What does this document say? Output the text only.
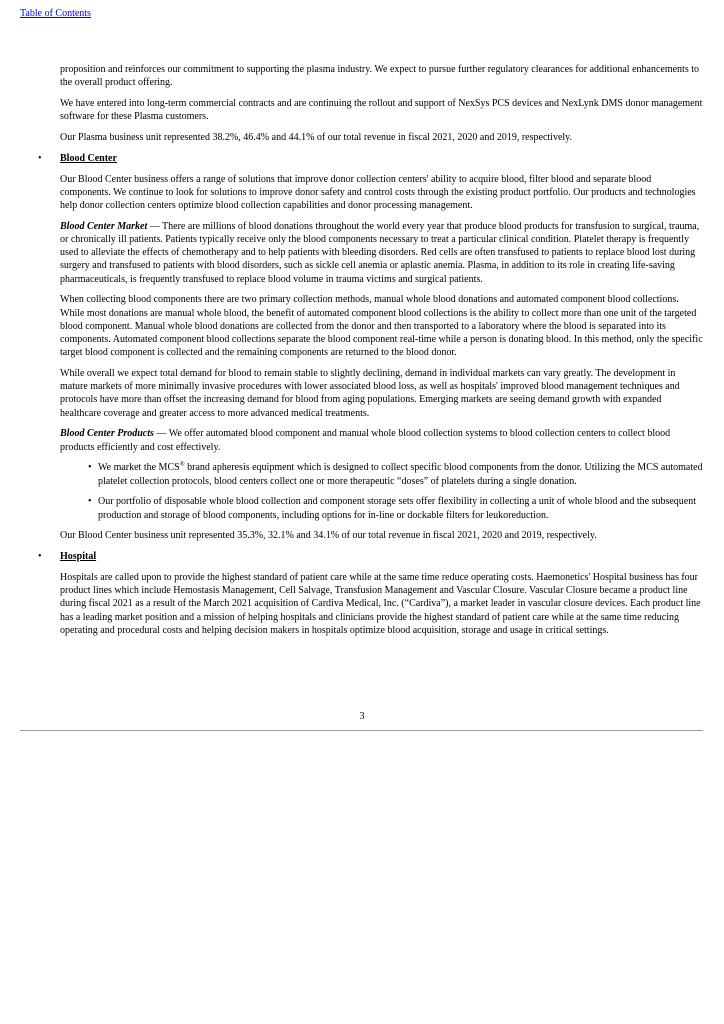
Table of Contents

proposition and reinforces our commitment to supporting the plasma industry. We expect to pursue further regulatory clearances for additional enhancements to the overall product offering.

We have entered into long-term commercial contracts and are continuing the rollout and support of NexSys PCS devices and NexLynk DMS donor management software for these Plasma customers.

Our Plasma business unit represented 38.2%, 46.4% and 44.1% of our total revenue in fiscal 2021, 2020 and 2019, respectively.

• Blood Center

Our Blood Center business offers a range of solutions that improve donor collection centers' ability to acquire blood, filter blood and separate blood components. We continue to look for solutions to improve donor safety and control costs through the existing product portfolio. Our products and technologies help donor collection centers optimize blood collection capabilities and donor processing management.

Blood Center Market — There are millions of blood donations throughout the world every year that produce blood products for transfusion to surgical, trauma, or chronically ill patients. Patients typically receive only the blood components necessary to treat a particular clinical condition. Platelet therapy is frequently used to alleviate the effects of chemotherapy and to help patients with bleeding disorders. Red cells are often transfused to patients to replace blood lost during surgery and transfused to patients with blood disorders, such as sickle cell anemia or aplastic anemia. Plasma, in addition to its role in creating life-saving pharmaceuticals, is frequently transfused to replace blood volume in trauma victims and surgical patients.

When collecting blood components there are two primary collection methods, manual whole blood donations and automated component blood collections. While most donations are manual whole blood, the benefit of automated component blood collections is the ability to collect more than one unit of the targeted blood component. Manual whole blood donations are collected from the donor and then transported to a laboratory where the blood is separated into its components. Automated component blood collections separate the blood component real-time while a person is donating blood. In this method, only the specific target blood component is collected and the remaining components are returned to the blood donor.

While overall we expect total demand for blood to remain stable to slightly declining, demand in individual markets can vary greatly. The development in mature markets of more minimally invasive procedures with lower associated blood loss, as well as hospitals' improved blood management techniques and protocols have more than offset the increasing demand for blood from aging populations. Emerging markets are seeing demand growth with expanded healthcare coverage and greater access to more advanced medical treatments.

Blood Center Products — We offer automated blood component and manual whole blood collection systems to blood collection centers to collect blood products efficiently and cost effectively.

• We market the MCS® brand apheresis equipment which is designed to collect specific blood components from the donor. Utilizing the MCS automated platelet collection protocols, blood centers collect one or more therapeutic “doses” of platelets during a single donation.
• Our portfolio of disposable whole blood collection and component storage sets offer flexibility in collecting a unit of whole blood and the subsequent production and storage of blood components, including options for in-line or dockable filters for leukoreduction.

Our Blood Center business unit represented 35.3%, 32.1% and 34.1% of our total revenue in fiscal 2021, 2020 and 2019, respectively.

• Hospital

Hospitals are called upon to provide the highest standard of patient care while at the same time reduce operating costs. Haemonetics' Hospital business has four product lines which include Hemostasis Management, Cell Salvage, Transfusion Management and Vascular Closure. Vascular Closure became a product line during fiscal 2021 as a result of the March 2021 acquisition of Cardiva Medical, Inc. (“Cardiva”), a market leader in vascular closure devices. Each product line has a leading market position and a mission of helping hospitals and clinicians provide the highest standard of patient care while at the same time reducing operating and procedural costs and helping decision makers in hospitals optimize blood acquisition, storage and usage in critical settings.

3
